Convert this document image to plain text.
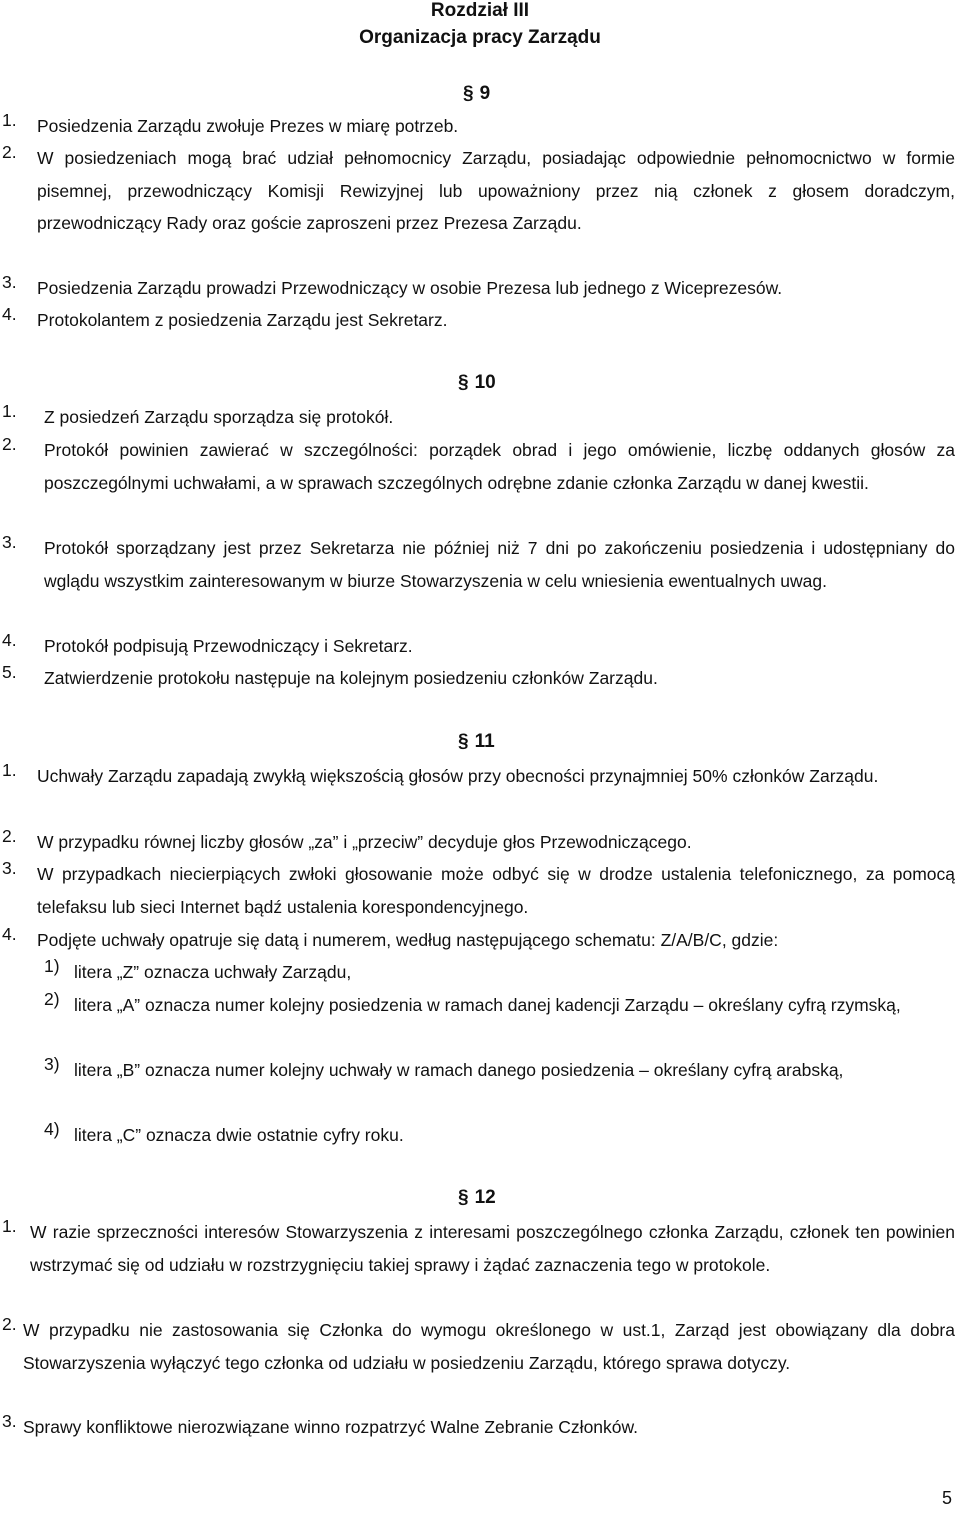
Rozdział III
Organizacja pracy Zarządu
§ 9
1. Posiedzenia Zarządu zwołuje Prezes w miarę potrzeb.
2. W posiedzeniach mogą brać udział pełnomocnicy Zarządu, posiadając odpowiednie pełnomocnictwo w formie pisemnej, przewodniczący Komisji Rewizyjnej lub upoważniony przez nią członek z głosem doradczym, przewodniczący Rady oraz goście zaproszeni przez Prezesa Zarządu.
3. Posiedzenia Zarządu prowadzi Przewodniczący w osobie Prezesa lub jednego z Wiceprezesów.
4. Protokolantem z posiedzenia Zarządu jest Sekretarz.
§ 10
1. Z posiedzeń Zarządu sporządza się protokół.
2. Protokół powinien zawierać w szczególności: porządek obrad i jego omówienie, liczbę oddanych głosów za poszczególnymi uchwałami, a w sprawach szczególnych odrębne zdanie członka Zarządu w danej kwestii.
3. Protokół sporządzany jest przez Sekretarza nie później niż 7 dni po zakończeniu posiedzenia i udostępniany do wglądu wszystkim zainteresowanym w biurze Stowarzyszenia w celu wniesienia ewentualnych uwag.
4. Protokół podpisują Przewodniczący i Sekretarz.
5. Zatwierdzenie protokołu następuje na kolejnym posiedzeniu członków Zarządu.
§ 11
1. Uchwały Zarządu zapadają zwykłą większością głosów przy obecności przynajmniej 50% członków Zarządu.
2. W przypadku równej liczby głosów „za” i „przeciw” decyduje głos Przewodniczącego.
3. W przypadkach niecierpiących zwłoki głosowanie może odbyć się w drodze ustalenia telefonicznego, za pomocą telefaksu lub sieci Internet bądź ustalenia korespondencyjnego.
4. Podjęte uchwały opatruje się datą i numerem, według następującego schematu: Z/A/B/C, gdzie:
1) litera „Z” oznacza uchwały Zarządu,
2) litera „A” oznacza numer kolejny posiedzenia w ramach danej kadencji Zarządu – określany cyfrą rzymską,
3) litera „B” oznacza numer kolejny uchwały w ramach danego posiedzenia – określany cyfrą arabską,
4) litera „C” oznacza dwie ostatnie cyfry roku.
§ 12
1. W razie sprzeczności interesów Stowarzyszenia z interesami poszczególnego członka Zarządu, członek ten powinien wstrzymać się od udziału w rozstrzygnięciu takiej sprawy i żądać zaznaczenia tego w protokole.
2. W przypadku nie zastosowania się Członka do wymogu określonego w ust.1, Zarząd jest obowiązany dla dobra Stowarzyszenia wyłączyć tego członka od udziału w posiedzeniu Zarządu, którego sprawa dotyczy.
3. Sprawy konfliktowe nierozwiązane winno rozpatrzyć Walne Zebranie Członków.
5
